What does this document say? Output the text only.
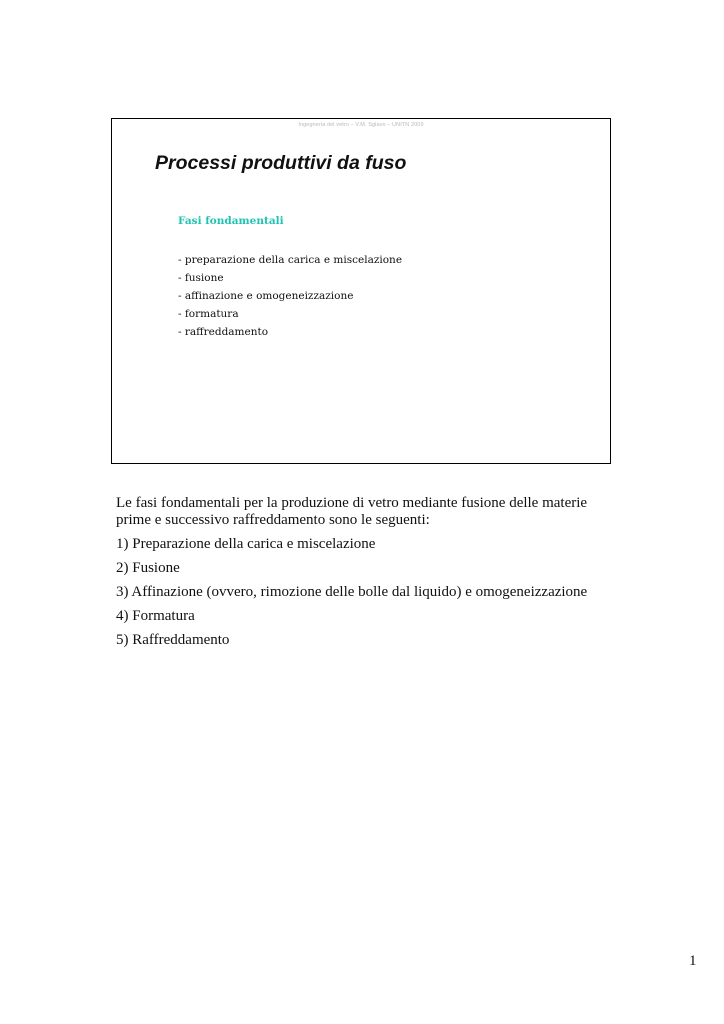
Ingegneria del vetro – V.M. Sglavo – UNITN 2009
Processi produttivi da fuso
Fasi fondamentali
- preparazione della carica e miscelazione
- fusione
- affinazione e omogeneizzazione
- formatura
- raffreddamento

Le fasi fondamentali per la produzione di vetro mediante fusione delle materie prime e successivo raffreddamento sono le seguenti:

1) Preparazione della carica e miscelazione

2) Fusione

3) Affinazione (ovvero, rimozione delle bolle dal liquido) e omogeneizzazione

4) Formatura

5) Raffreddamento

1
